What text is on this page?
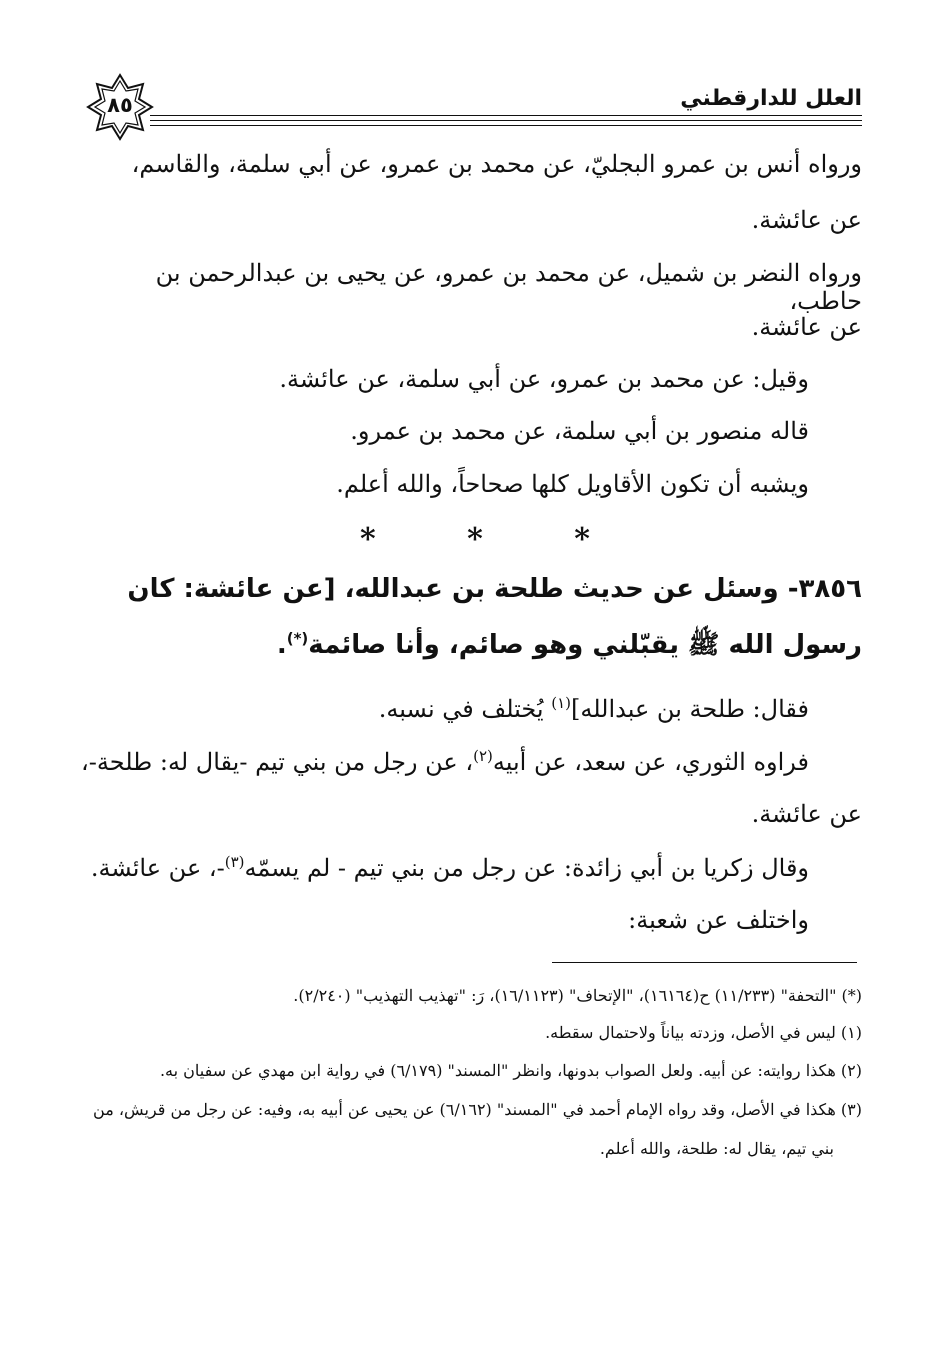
العلل للدارقطني
٨٥
ورواه أنس بن عمرو البجليّ، عن محمد بن عمرو، عن أبي سلمة، والقاسم،
عن عائشة.
ورواه النضر بن شميل، عن محمد بن عمرو، عن يحيى بن عبدالرحمن بن حاطب،
عن عائشة.
وقيل: عن محمد بن عمرو، عن أبي سلمة، عن عائشة.
قاله منصور بن أبي سلمة، عن محمد بن عمرو.
ويشبه أن تكون الأقاويل كلها صحاحاً، والله أعلم.
*	*	*
٣٨٥٦- وسئل عن حديث طلحة بن عبدالله، [عن عائشة: كان
رسول الله ﷺ يقبّلني وهو صائم، وأنا صائمة(*).
فقال: طلحة بن عبدالله]$^{(١)}$ يُختلف في نسبه.
فراوه الثوري، عن سعد، عن أبيه$^{(٢)}$، عن رجل من بني تيم -يقال له: طلحة-،
عن عائشة.
وقال زكريا بن أبي زائدة: عن رجل من بني تيم - لم يسمّه$^{(٣)}$-، عن عائشة.
واختلف عن شعبة:
(*) "التحفة" (١١/٢٣٣) ح(١٦١٦٤)، "الإتحاف" (١٦/١١٢٣)، رَ: "تهذيب التهذيب" (٢/٢٤٠).
(١) ليس في الأصل، وزدته بياناً ولاحتمال سقطه.
(٢) هكذا روايته: عن أبيه. ولعل الصواب بدونها، وانظر "المسند" (٦/١٧٩) في رواية ابن مهدي عن سفيان به.
(٣) هكذا في الأصل، وقد رواه الإمام أحمد في "المسند" (٦/١٦٢) عن يحيى عن أبيه به، وفيه: عن رجل من قريش، من
بني تيم، يقال له: طلحة، والله أعلم.
